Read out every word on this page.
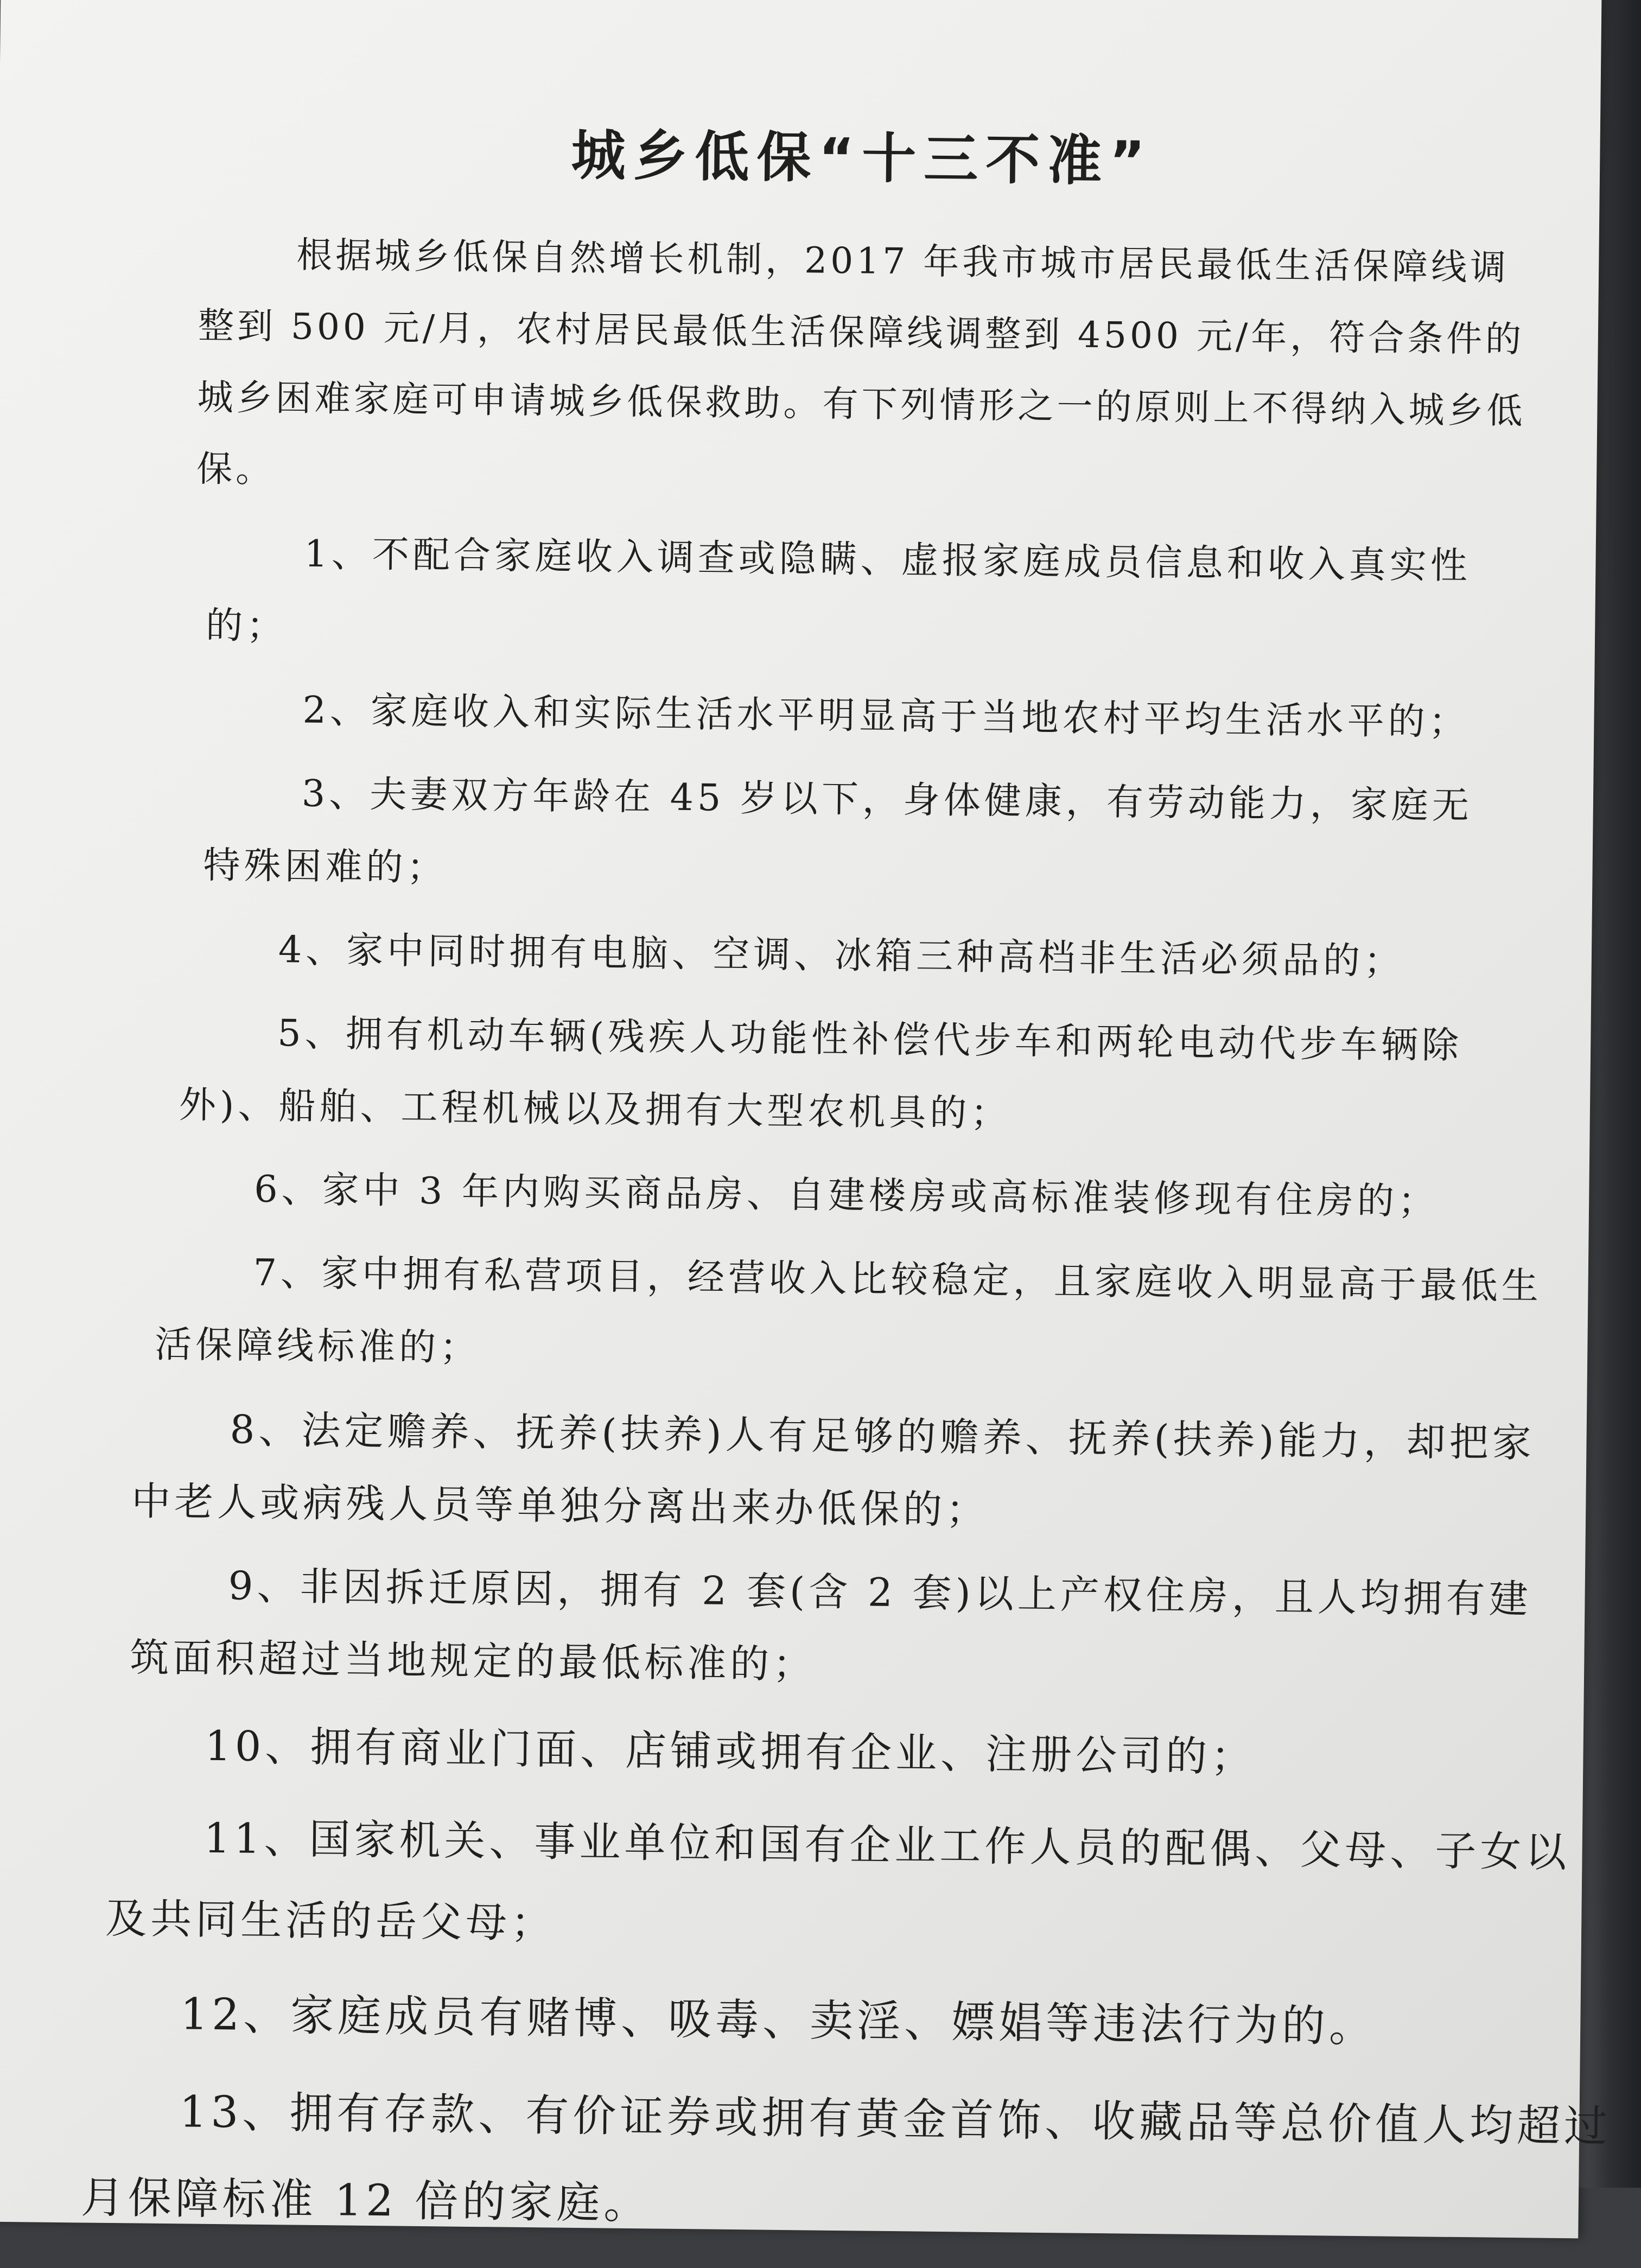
城乡低保“十三不准”

根据城乡低保自然增长机制，2017 年我市城市居民最低生活保障线调整到 500 元/月，农村居民最低生活保障线调整到 4500 元/年，符合条件的城乡困难家庭可申请城乡低保救助。有下列情形之一的原则上不得纳入城乡低保。

1、不配合家庭收入调查或隐瞒、虚报家庭成员信息和收入真实性的；

2、家庭收入和实际生活水平明显高于当地农村平均生活水平的；

3、夫妻双方年龄在 45 岁以下，身体健康，有劳动能力，家庭无特殊困难的；

4、家中同时拥有电脑、空调、冰箱三种高档非生活必须品的；

5、拥有机动车辆(残疾人功能性补偿代步车和两轮电动代步车辆除外)、船舶、工程机械以及拥有大型农机具的；

6、家中 3 年内购买商品房、自建楼房或高标准装修现有住房的；

7、家中拥有私营项目，经营收入比较稳定，且家庭收入明显高于最低生活保障线标准的；

8、法定赡养、抚养(扶养)人有足够的赡养、抚养(扶养)能力，却把家中老人或病残人员等单独分离出来办低保的；

9、非因拆迁原因，拥有 2 套(含 2 套)以上产权住房，且人均拥有建筑面积超过当地规定的最低标准的；

10、拥有商业门面、店铺或拥有企业、注册公司的；

11、国家机关、事业单位和国有企业工作人员的配偶、父母、子女以及共同生活的岳父母；

12、家庭成员有赌博、吸毒、卖淫、嫖娼等违法行为的。

13、拥有存款、有价证券或拥有黄金首饰、收藏品等总价值人均超过月保障标准 12 倍的家庭。
